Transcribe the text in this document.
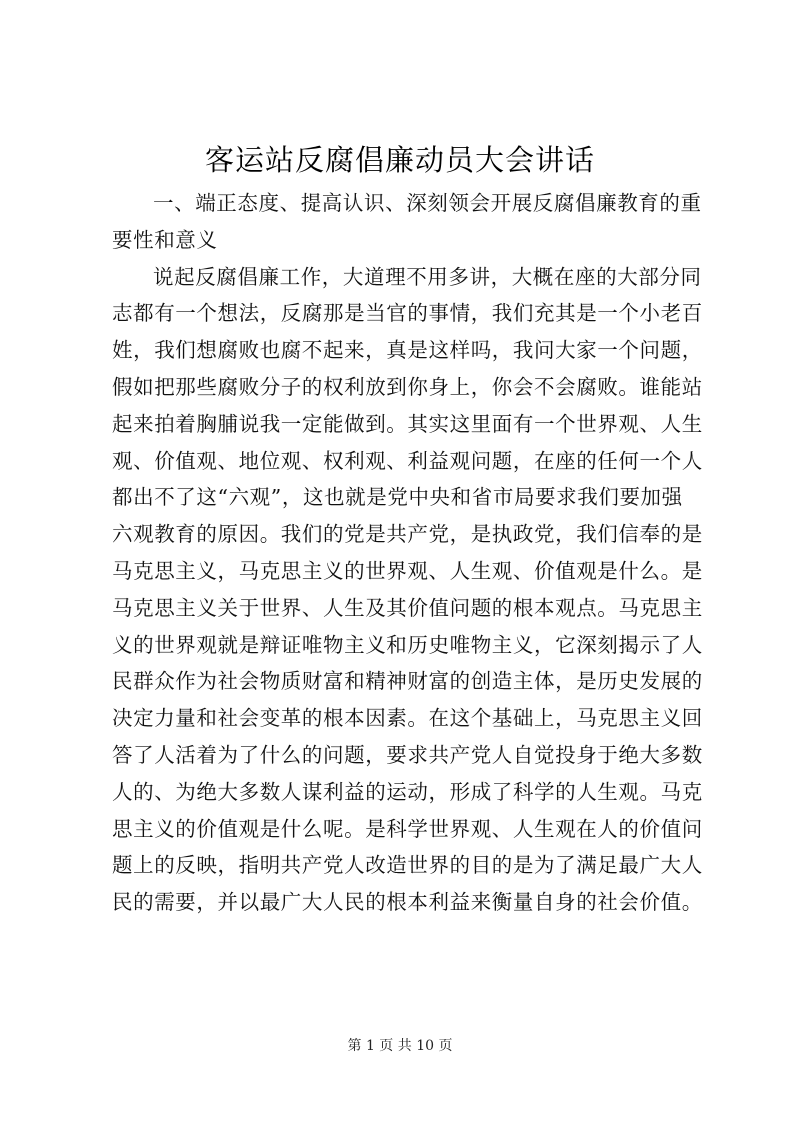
客运站反腐倡廉动员大会讲话
一、端正态度、提高认识、深刻领会开展反腐倡廉教育的重
要性和意义
说起反腐倡廉工作，大道理不用多讲，大概在座的大部分同
志都有一个想法，反腐那是当官的事情，我们充其是一个小老百
姓，我们想腐败也腐不起来，真是这样吗，我问大家一个问题，
假如把那些腐败分子的权利放到你身上，你会不会腐败。谁能站
起来拍着胸脯说我一定能做到。其实这里面有一个世界观、人生
观、价值观、地位观、权利观、利益观问题，在座的任何一个人
都出不了这“六观”，这也就是党中央和省市局要求我们要加强
六观教育的原因。我们的党是共产党，是执政党，我们信奉的是
马克思主义，马克思主义的世界观、人生观、价值观是什么。是
马克思主义关于世界、人生及其价值问题的根本观点。马克思主
义的世界观就是辩证唯物主义和历史唯物主义，它深刻揭示了人
民群众作为社会物质财富和精神财富的创造主体，是历史发展的
决定力量和社会变革的根本因素。在这个基础上，马克思主义回
答了人活着为了什么的问题，要求共产党人自觉投身于绝大多数
人的、为绝大多数人谋利益的运动，形成了科学的人生观。马克
思主义的价值观是什么呢。是科学世界观、人生观在人的价值问
题上的反映，指明共产党人改造世界的目的是为了满足最广大人
民的需要，并以最广大人民的根本利益来衡量自身的社会价值。
第 1 页 共 10 页
